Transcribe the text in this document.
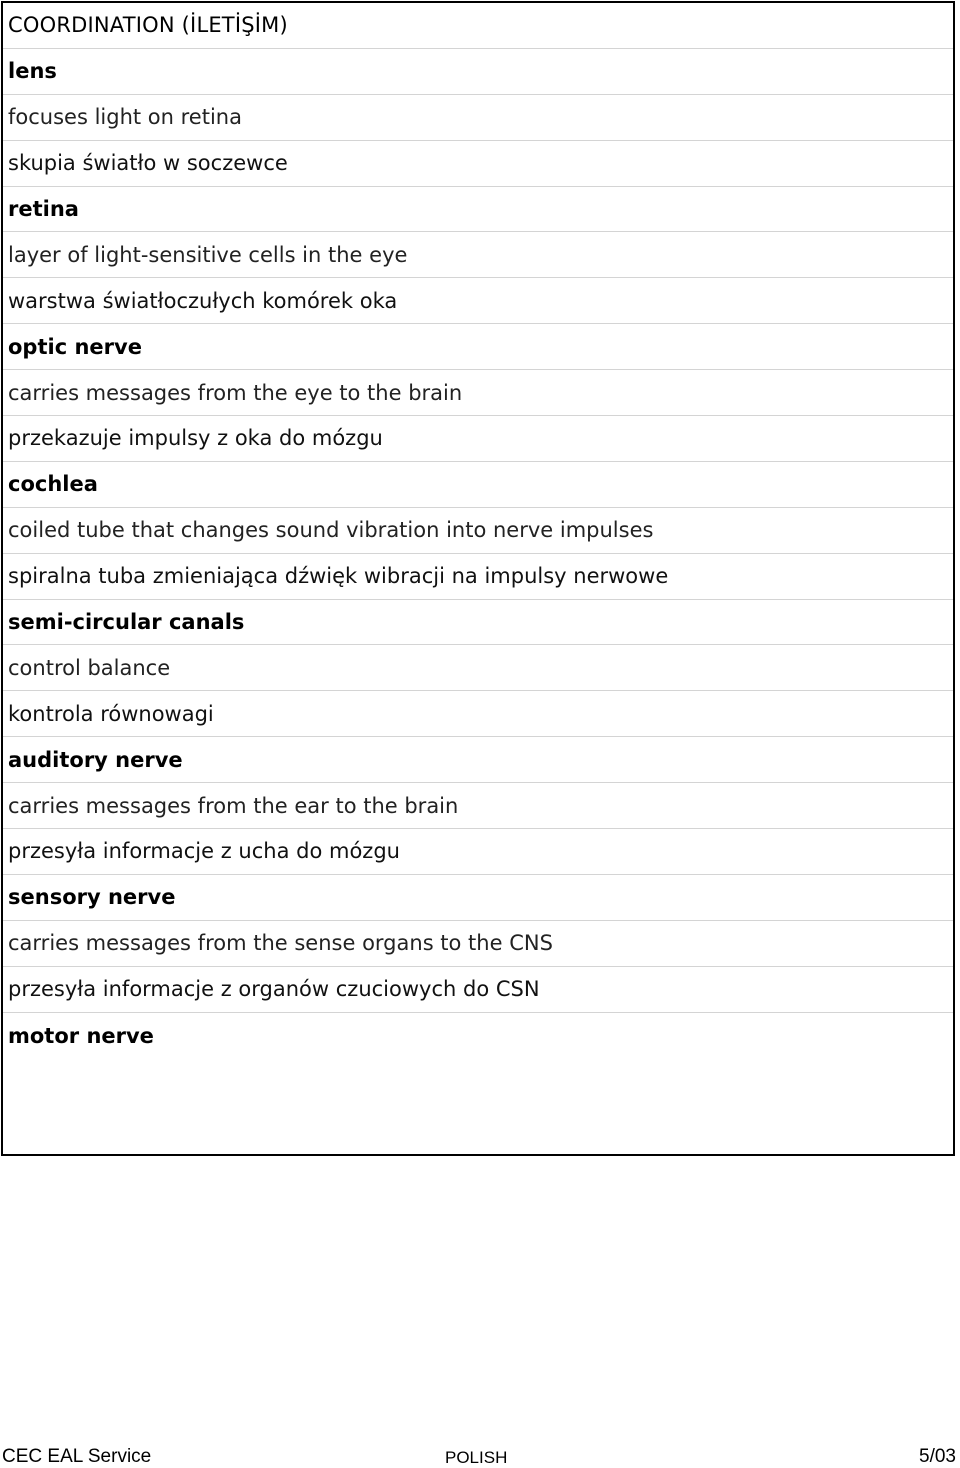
COORDINATION (İLETİŞİM)
lens
focuses light on retina
skupia światło w soczewce
retina
layer of light-sensitive cells in the eye
warstwa światłoczułych komórek oka
optic nerve
carries messages from the eye to the brain
przekazuje impulsy z oka do mózgu
cochlea
coiled tube that changes sound vibration into nerve impulses
spiralna tuba zmieniająca dźwięk wibracji na impulsy nerwowe
semi-circular canals
control balance
kontrola równowagi
auditory nerve
carries messages from the ear to the brain
przesyła informacje z ucha do mózgu
sensory nerve
carries messages from the sense organs to the CNS
przesyła informacje z organów czuciowych do CSN
motor nerve
CEC EAL Service	POLISH	5/03
